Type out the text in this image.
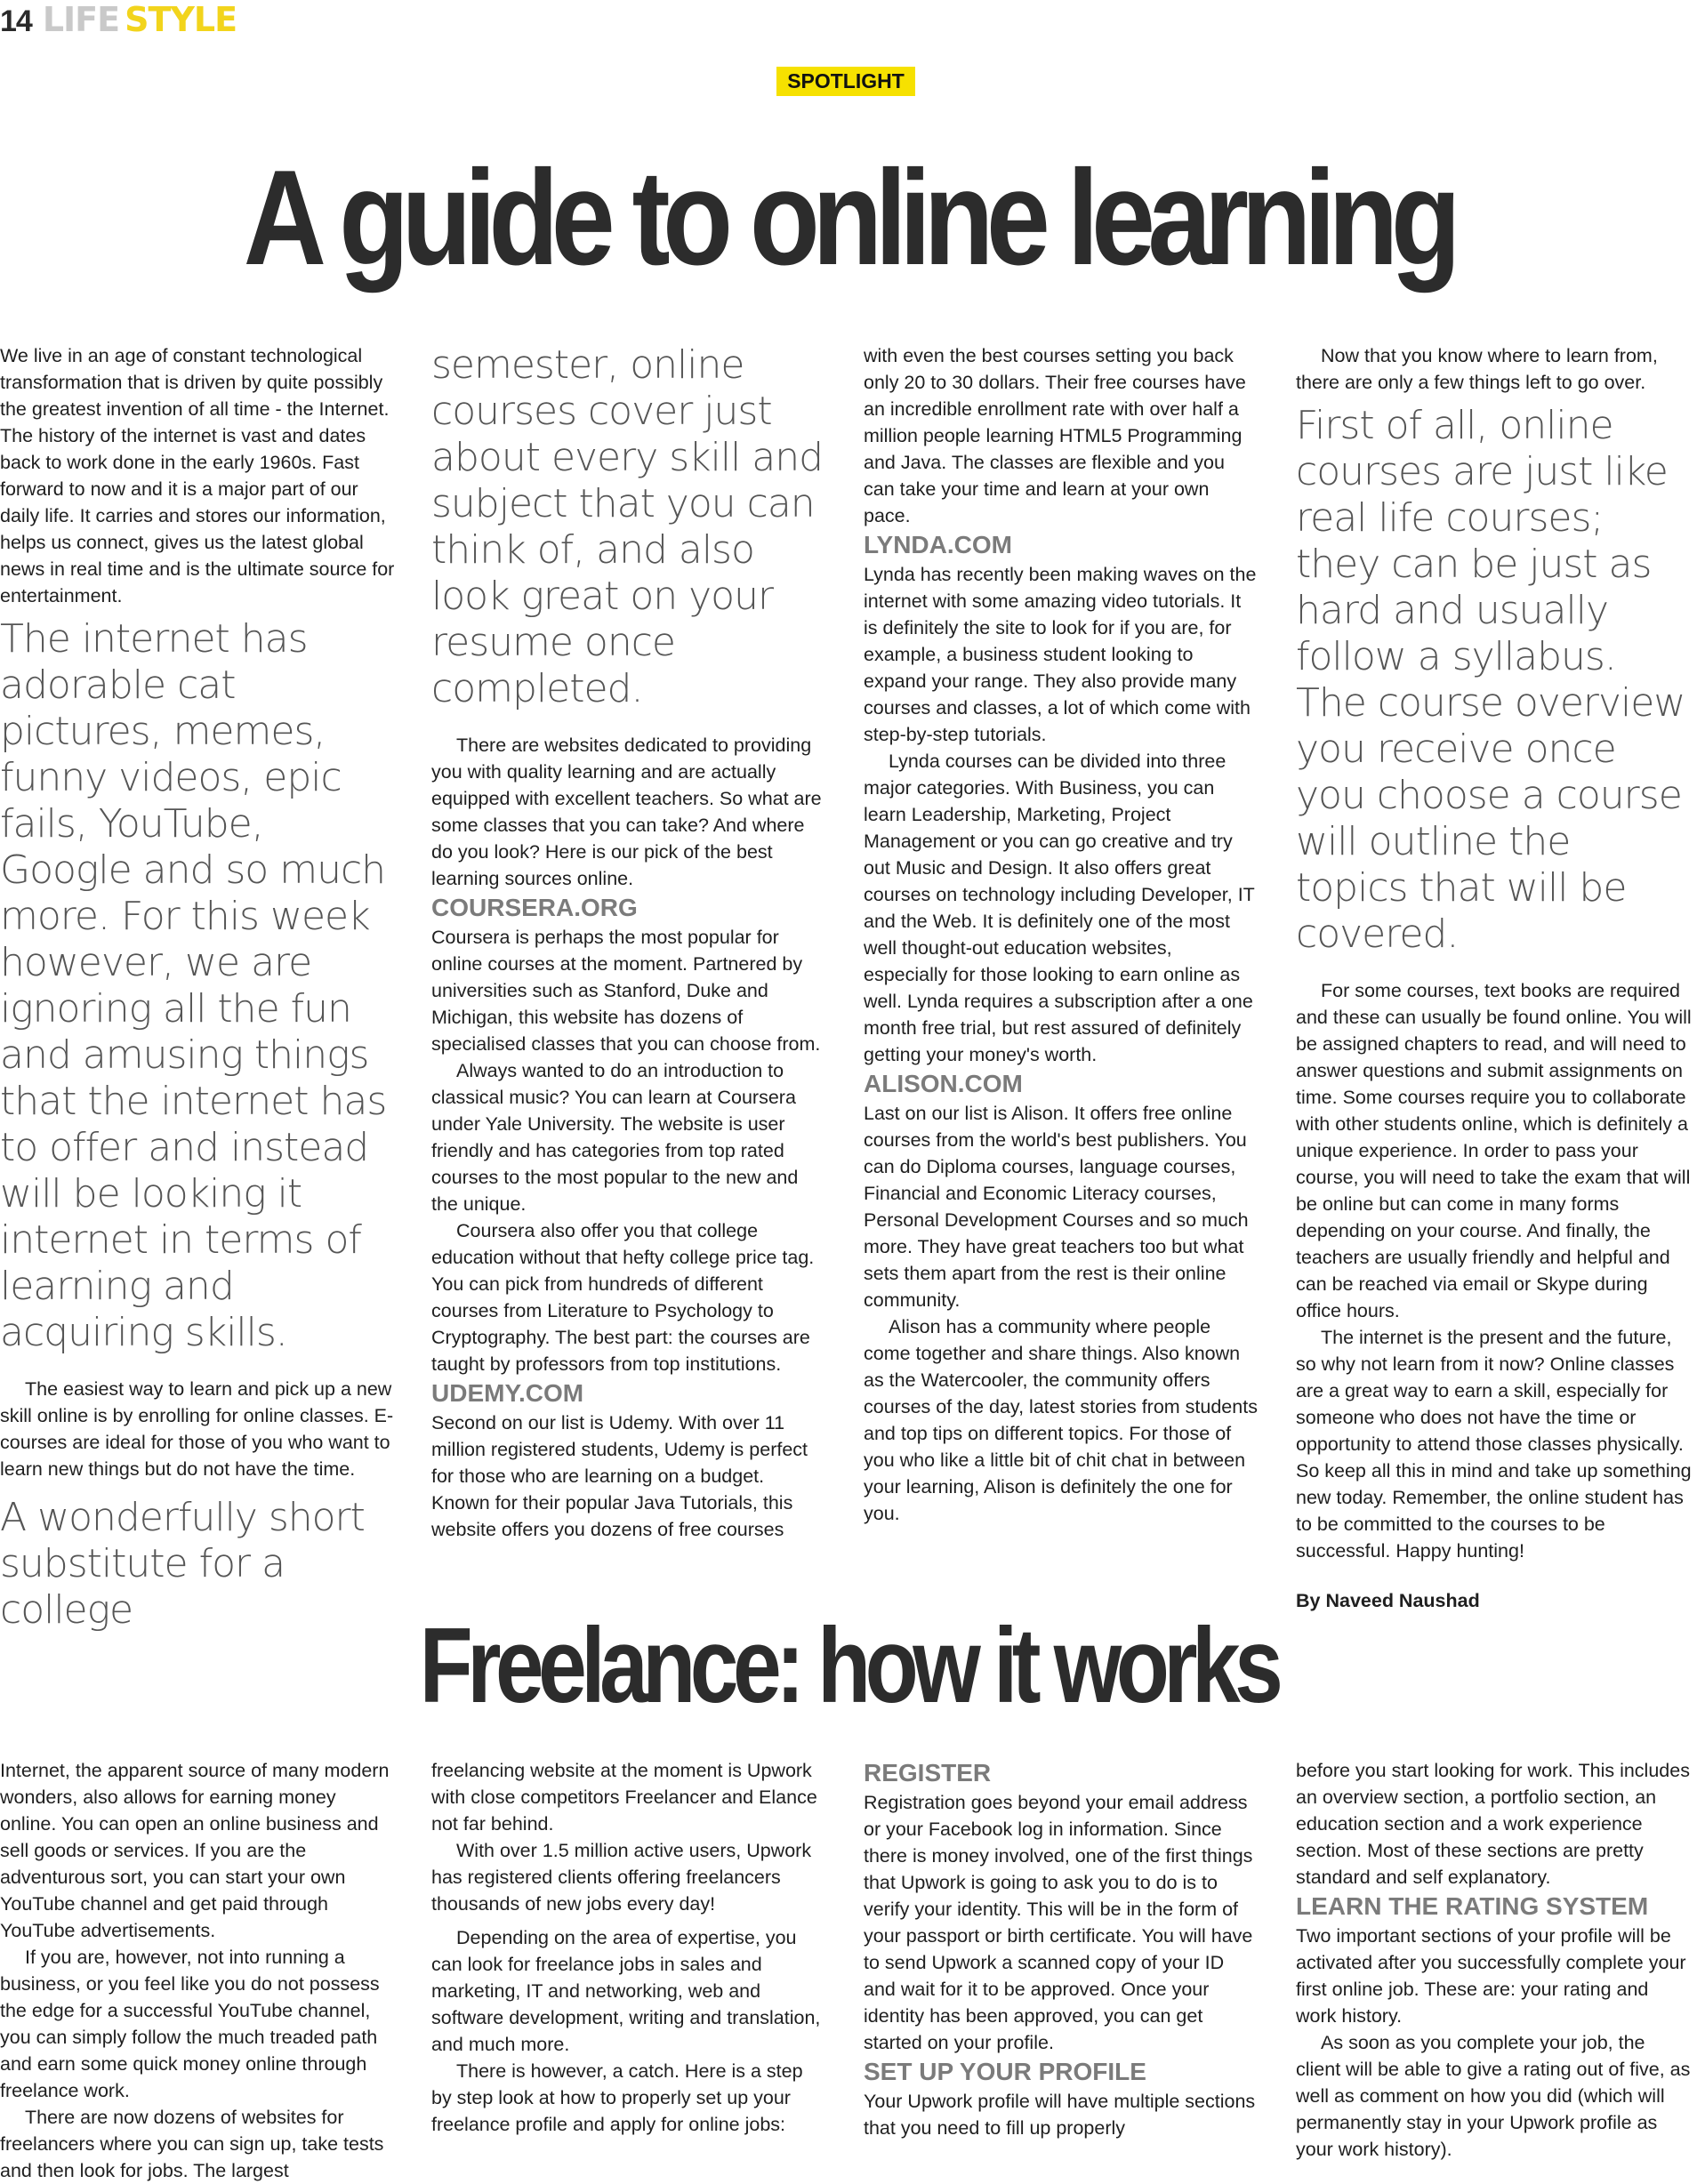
14 LIFE STYLE
SPOTLIGHT
A guide to online learning

We live in an age of constant technological transformation that is driven by quite possibly the greatest invention of all time - the Internet. The history of the internet is vast and dates back to work done in the early 1960s. Fast forward to now and it is a major part of our daily life. It carries and stores our information, helps us connect, gives us the latest global news in real time and is the ultimate source for entertainment.

The internet has adorable cat pictures, memes, funny videos, epic fails, YouTube, Google and so much more. For this week however, we are ignoring all the fun and amusing things that the internet has to offer and instead will be looking it internet in terms of learning and acquiring skills.

The easiest way to learn and pick up a new skill online is by enrolling for online classes. E-courses are ideal for those of you who want to learn new things but do not have the time.

A wonderfully short substitute for a college

semester, online courses cover just about every skill and subject that you can think of, and also look great on your resume once completed.

There are websites dedicated to providing you with quality learning and are actually equipped with excellent teachers. So what are some classes that you can take? And where do you look? Here is our pick of the best learning sources online.

COURSERA.ORG

Coursera is perhaps the most popular for online courses at the moment. Partnered by universities such as Stanford, Duke and Michigan, this website has dozens of specialised classes that you can choose from.

Always wanted to do an introduction to classical music? You can learn at Coursera under Yale University. The website is user friendly and has categories from top rated courses to the most popular to the new and the unique.

Coursera also offer you that college education without that hefty college price tag. You can pick from hundreds of different courses from Literature to Psychology to Cryptography. The best part: the courses are taught by professors from top institutions.

UDEMY.COM

Second on our list is Udemy. With over 11 million registered students, Udemy is perfect for those who are learning on a budget. Known for their popular Java Tutorials, this website offers you dozens of free courses

with even the best courses setting you back only 20 to 30 dollars. Their free courses have an incredible enrollment rate with over half a million people learning HTML5 Programming and Java. The classes are flexible and you can take your time and learn at your own pace.

LYNDA.COM

Lynda has recently been making waves on the internet with some amazing video tutorials. It is definitely the site to look for if you are, for example, a business student looking to expand your range. They also provide many courses and classes, a lot of which come with step-by-step tutorials.

Lynda courses can be divided into three major categories. With Business, you can learn Leadership, Marketing, Project Management or you can go creative and try out Music and Design. It also offers great courses on technology including Developer, IT and the Web. It is definitely one of the most well thought-out education websites, especially for those looking to earn online as well. Lynda requires a subscription after a one month free trial, but rest assured of definitely getting your money's worth.

ALISON.COM

Last on our list is Alison. It offers free online courses from the world's best publishers. You can do Diploma courses, language courses, Financial and Economic Literacy courses, Personal Development Courses and so much more. They have great teachers too but what sets them apart from the rest is their online community.

Alison has a community where people come together and share things. Also known as the Watercooler, the community offers courses of the day, latest stories from students and top tips on different topics. For those of you who like a little bit of chit chat in between your learning, Alison is definitely the one for you.

Now that you know where to learn from, there are only a few things left to go over.

First of all, online courses are just like real life courses; they can be just as hard and usually follow a syllabus. The course overview you receive once you choose a course will outline the topics that will be covered.

For some courses, text books are required and these can usually be found online. You will be assigned chapters to read, and will need to answer questions and submit assignments on time. Some courses require you to collaborate with other students online, which is definitely a unique experience. In order to pass your course, you will need to take the exam that will be online but can come in many forms depending on your course. And finally, the teachers are usually friendly and helpful and can be reached via email or Skype during office hours.

The internet is the present and the future, so why not learn from it now? Online classes are a great way to earn a skill, especially for someone who does not have the time or opportunity to attend those classes physically. So keep all this in mind and take up something new today. Remember, the online student has to be committed to the courses to be successful. Happy hunting!

By Naveed Naushad
Freelance: how it works

Internet, the apparent source of many modern wonders, also allows for earning money online. You can open an online business and sell goods or services. If you are the adventurous sort, you can start your own YouTube channel and get paid through YouTube advertisements.

If you are, however, not into running a business, or you feel like you do not possess the edge for a successful YouTube channel, you can simply follow the much treaded path and earn some quick money online through freelance work.

There are now dozens of websites for freelancers where you can sign up, take tests and then look for jobs. The largest

freelancing website at the moment is Upwork with close competitors Freelancer and Elance not far behind.

With over 1.5 million active users, Upwork has registered clients offering freelancers thousands of new jobs every day!

Depending on the area of expertise, you can look for freelance jobs in sales and marketing, IT and networking, web and software development, writing and translation, and much more.

There is however, a catch. Here is a step by step look at how to properly set up your freelance profile and apply for online jobs:

REGISTER

Registration goes beyond your email address or your Facebook log in information. Since there is money involved, one of the first things that Upwork is going to ask you to do is to verify your identity. This will be in the form of your passport or birth certificate. You will have to send Upwork a scanned copy of your ID and wait for it to be approved. Once your identity has been approved, you can get started on your profile.

SET UP YOUR PROFILE

Your Upwork profile will have multiple sections that you need to fill up properly

before you start looking for work. This includes an overview section, a portfolio section, an education section and a work experience section. Most of these sections are pretty standard and self explanatory.

LEARN THE RATING SYSTEM

Two important sections of your profile will be activated after you successfully complete your first online job. These are: your rating and work history.

As soon as you complete your job, the client will be able to give a rating out of five, as well as comment on how you did (which will permanently stay in your Upwork profile as your work history).
